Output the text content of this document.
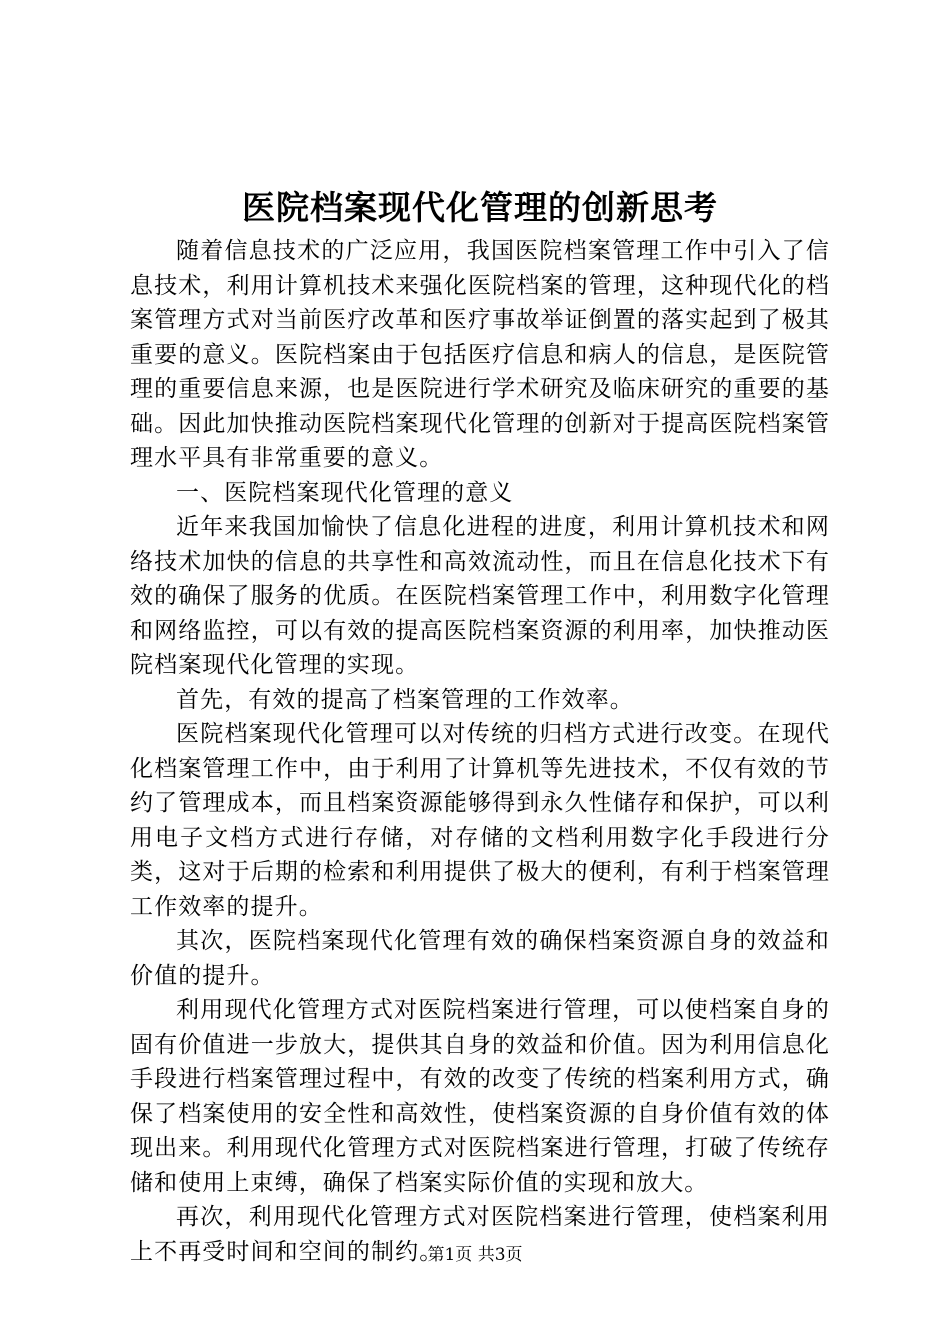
医院档案现代化管理的创新思考

随着信息技术的广泛应用，我国医院档案管理工作中引入了信息技术，利用计算机技术来强化医院档案的管理，这种现代化的档案管理方式对当前医疗改革和医疗事故举证倒置的落实起到了极其重要的意义。医院档案由于包括医疗信息和病人的信息，是医院管理的重要信息来源，也是医院进行学术研究及临床研究的重要的基础。因此加快推动医院档案现代化管理的创新对于提高医院档案管理水平具有非常重要的意义。

一、医院档案现代化管理的意义

近年来我国加愉快了信息化进程的进度，利用计算机技术和网络技术加快的信息的共享性和高效流动性，而且在信息化技术下有效的确保了服务的优质。在医院档案管理工作中，利用数字化管理和网络监控，可以有效的提高医院档案资源的利用率，加快推动医院档案现代化管理的实现。

首先，有效的提高了档案管理的工作效率。

医院档案现代化管理可以对传统的归档方式进行改变。在现代化档案管理工作中，由于利用了计算机等先进技术，不仅有效的节约了管理成本，而且档案资源能够得到永久性储存和保护，可以利用电子文档方式进行存储，对存储的文档利用数字化手段进行分类，这对于后期的检索和利用提供了极大的便利，有利于档案管理工作效率的提升。

其次，医院档案现代化管理有效的确保档案资源自身的效益和价值的提升。

利用现代化管理方式对医院档案进行管理，可以使档案自身的固有价值进一步放大，提供其自身的效益和价值。因为利用信息化手段进行档案管理过程中，有效的改变了传统的档案利用方式，确保了档案使用的安全性和高效性，使档案资源的自身价值有效的体现出来。利用现代化管理方式对医院档案进行管理，打破了传统存储和使用上束缚，确保了档案实际价值的实现和放大。

再次，利用现代化管理方式对医院档案进行管理，使档案利用上不再受时间和空间的制约。

第1页 共3页
